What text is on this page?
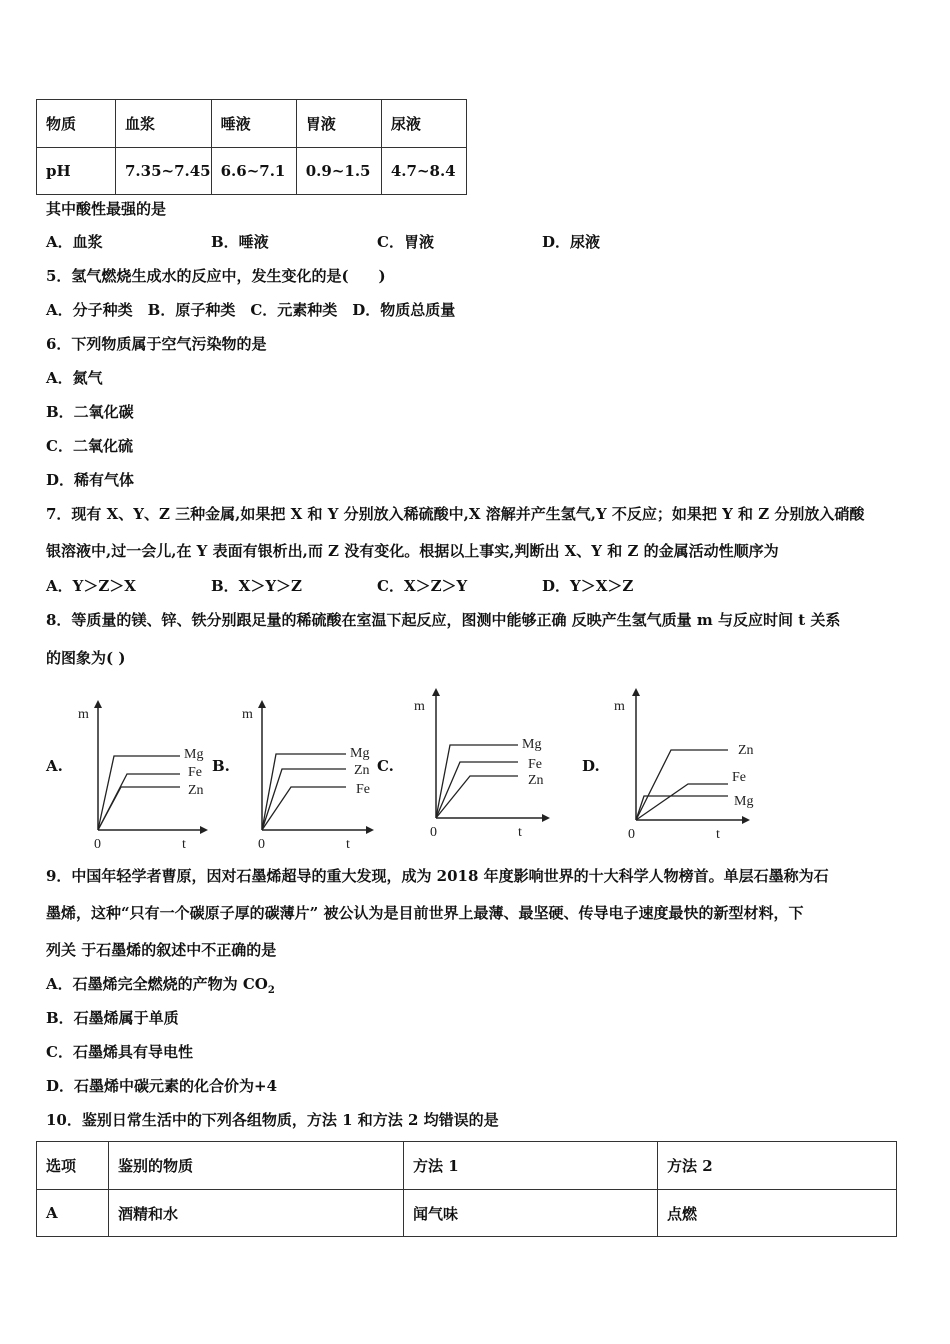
物质	血浆	唾液	胃液	尿液
pH	7.35~7.45	6.6~7.1	0.9~1.5	4.7~8.4
其中酸性最强的是
A．血浆	B．唾液	C．胃液	D．尿液
5．氢气燃烧生成水的反应中，发生变化的是(　　)
A．分子种类　B．原子种类　C．元素种类　D．物质总质量
6．下列物质属于空气污染物的是
A．氮气
B．二氧化碳
C．二氧化硫
D．稀有气体
7．现有 X、Y、Z 三种金属,如果把 X 和 Y 分别放入稀硫酸中,X 溶解并产生氢气,Y 不反应；如果把 Y 和 Z 分别放入硝酸
银溶液中,过一会儿,在 Y 表面有银析出,而 Z 没有变化。根据以上事实,判断出 X、Y 和 Z 的金属活动性顺序为
A．Y＞Z＞X	B．X＞Y＞Z	C．X＞Z＞Y	D．Y＞X＞Z
8．等质量的镁、锌、铁分别跟足量的稀硫酸在室温下起反应，图测中能够正确 反映产生氢气质量 m 与反应时间 t 关系
的图象为( )
A.	B.	C.	D.
m
0	t
Mg
Fe
Zn
m
0	t
Mg
Zn
Fe
m
0	t
Mg
Fe
Zn
m
0	t
Zn
Fe
Mg
9．中国年轻学者曹原，因对石墨烯超导的重大发现，成为 2018 年度影响世界的十大科学人物榜首。单层石墨称为石
墨烯，这种“只有一个碳原子厚的碳薄片” 被公认为是目前世界上最薄、最坚硬、传导电子速度最快的新型材料，下
列关 于石墨烯的叙述中不正确的是
A．石墨烯完全燃烧的产物为 $CO_2$
B．石墨烯属于单质
C．石墨烯具有导电性
D．石墨烯中碳元素的化合价为+4
10．鉴别日常生活中的下列各组物质，方法 1 和方法 2 均错误的是
选项	鉴别的物质	方法 1	方法 2
A	酒精和水	闻气味	点燃
